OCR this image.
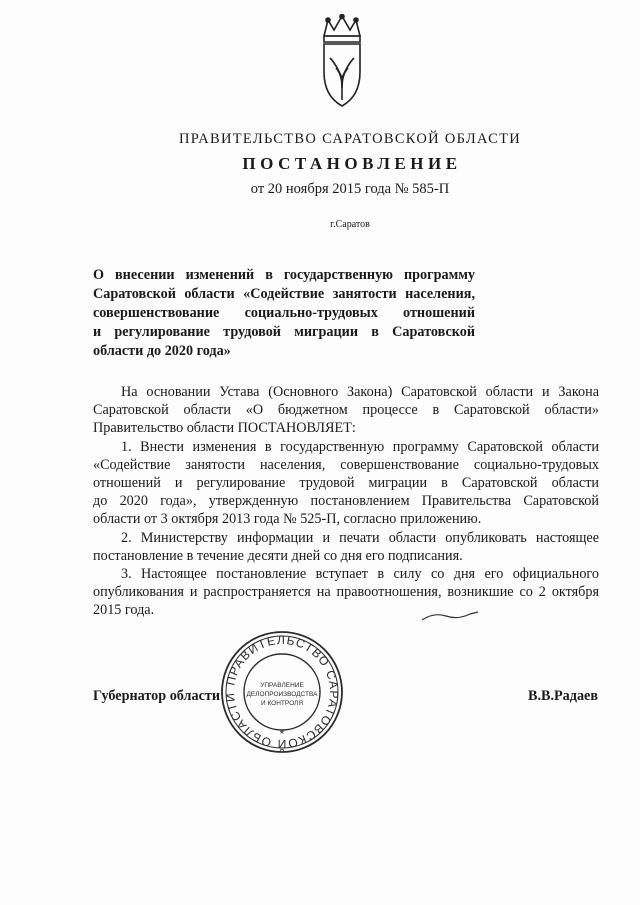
ПРАВИТЕЛЬСТВО САРАТОВСКОЙ ОБЛАСТИ
ПОСТАНОВЛЕНИЕ
от 20 ноября 2015 года № 585-П
г.Саратов
О внесении изменений в государственную программу
Саратовской области «Содействие занятости населения,
совершенствование социально-трудовых отношений
и регулирование трудовой миграции в Саратовской
области до 2020 года»
На основании Устава (Основного Закона) Саратовской области и Закона
Саратовской области «О бюджетном процессе в Саратовской области»
Правительство области ПОСТАНОВЛЯЕТ:
1. Внести изменения в государственную программу Саратовской области
«Содействие занятости населения, совершенствование социально-трудовых
отношений и регулирование трудовой миграции в Саратовской области
до 2020 года», утвержденную постановлением Правительства Саратовской
области от 3 октября 2013 года № 525-П, согласно приложению.
2. Министерству информации и печати области опубликовать настоящее
постановление в течение десяти дней со дня его подписания.
3. Настоящее постановление вступает в силу со дня его официального
опубликования и распространяется на правоотношения, возникшие со 2 октября
2015 года.
Губернатор области	В.В.Радаев
ПРАВИТЕЛЬСТВО САРАТОВСКОЙ ОБЛАСТИ
УПРАВЛЕНИЕ
ДЕЛОПРОИЗВОДСТВА
И КОНТРОЛЯ
*
